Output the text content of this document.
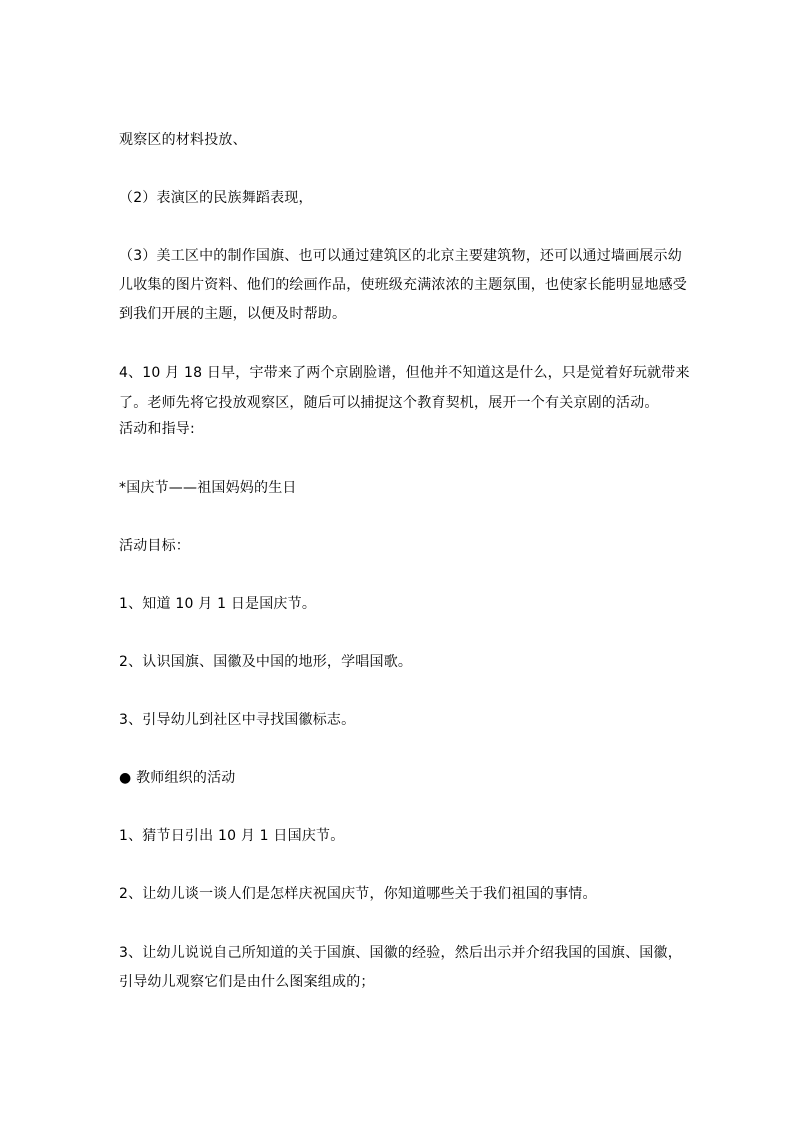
观察区的材料投放、
（2）表演区的民族舞蹈表现，
（3）美工区中的制作国旗、也可以通过建筑区的北京主要建筑物，还可以通过墙画展示幼
儿收集的图片资料、他们的绘画作品，使班级充满浓浓的主题氛围，也使家长能明显地感受
到我们开展的主题，以便及时帮助。
4、10 月 18 日早，宇带来了两个京剧脸谱，但他并不知道这是什么，只是觉着好玩就带来
了。老师先将它投放观察区，随后可以捕捉这个教育契机，展开一个有关京剧的活动。
活动和指导:
*国庆节——祖国妈妈的生日
活动目标：
1、知道 10 月 1 日是国庆节。
2、认识国旗、国徽及中国的地形，学唱国歌。
3、引导幼儿到社区中寻找国徽标志。
● 教师组织的活动
1、猜节日引出 10 月 1 日国庆节。
2、让幼儿谈一谈人们是怎样庆祝国庆节，你知道哪些关于我们祖国的事情。
3、让幼儿说说自己所知道的关于国旗、国徽的经验，然后出示并介绍我国的国旗、国徽，
引导幼儿观察它们是由什么图案组成的；
